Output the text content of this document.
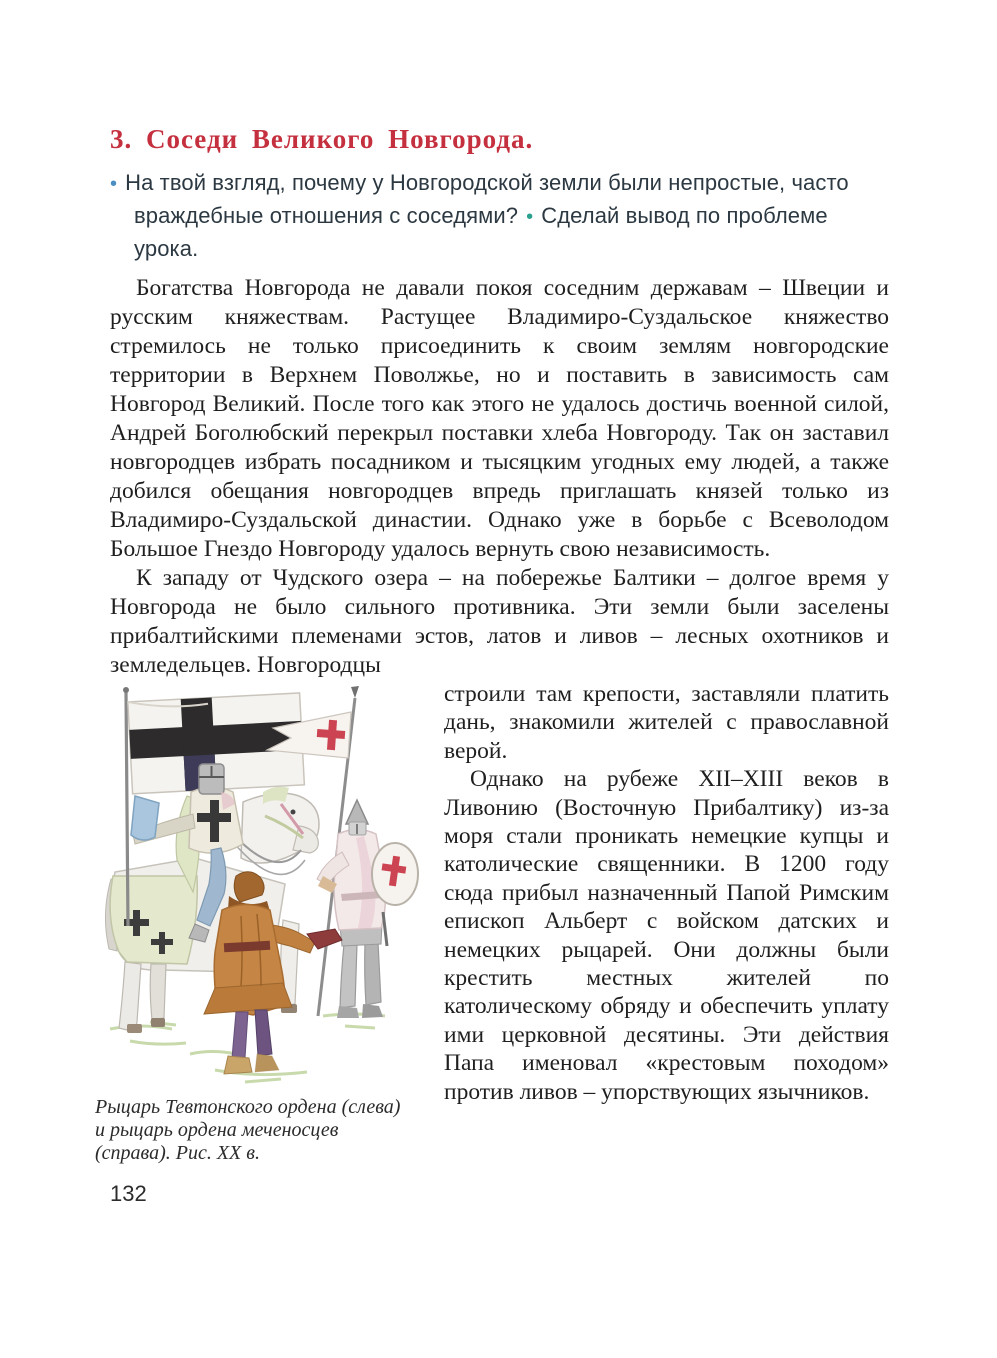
3. Соседи Великого Новгорода.
• На твой взгляд, почему у Новгородской земли были непростые, часто враждебные отношения с соседями? • Сделай вывод по проблеме урока.

Богатства Новгорода не давали покоя соседним державам – Швеции и русским княжествам. Растущее Владимиро-Суздальское княжество стремилось не только присоединить к своим землям новгородские территории в Верхнем Поволжье, но и поставить в зависимость сам Новгород Великий. После того как этого не удалось достичь военной силой, Андрей Боголюбский перекрыл поставки хлеба Новгороду. Так он заставил новгородцев избрать посадником и тысяцким угодных ему людей, а также добился обещания новгородцев впредь приглашать князей только из Владимиро-Суздальской династии. Однако уже в борьбе с Всеволодом Большое Гнездо Новгороду удалось вернуть свою независимость.

К западу от Чудского озера – на побережье Балтики – долгое время у Новгорода не было сильного противника. Эти земли были заселены прибалтийскими племенами эстов, латов и ливов – лесных охотников и земледельцев. Новгородцы

Рыцарь Тевтонского ордена (слева) и рыцарь ордена меченосцев (справа). Рис. XX в.

строили там крепости, заставляли платить дань, знакомили жителей с православной верой.

Однако на рубеже XII–XIII веков в Ливонию (Восточную Прибалтику) из-за моря стали проникать немецкие купцы и католические священники. В 1200 году сюда прибыл назначенный Папой Римским епископ Альберт с войском датских и немецких рыцарей. Они должны были крестить местных жителей по католическому обряду и обеспечить уплату ими церковной десятины. Эти действия Папа именовал «крестовым походом» против ливов – упорствующих язычников.

132
